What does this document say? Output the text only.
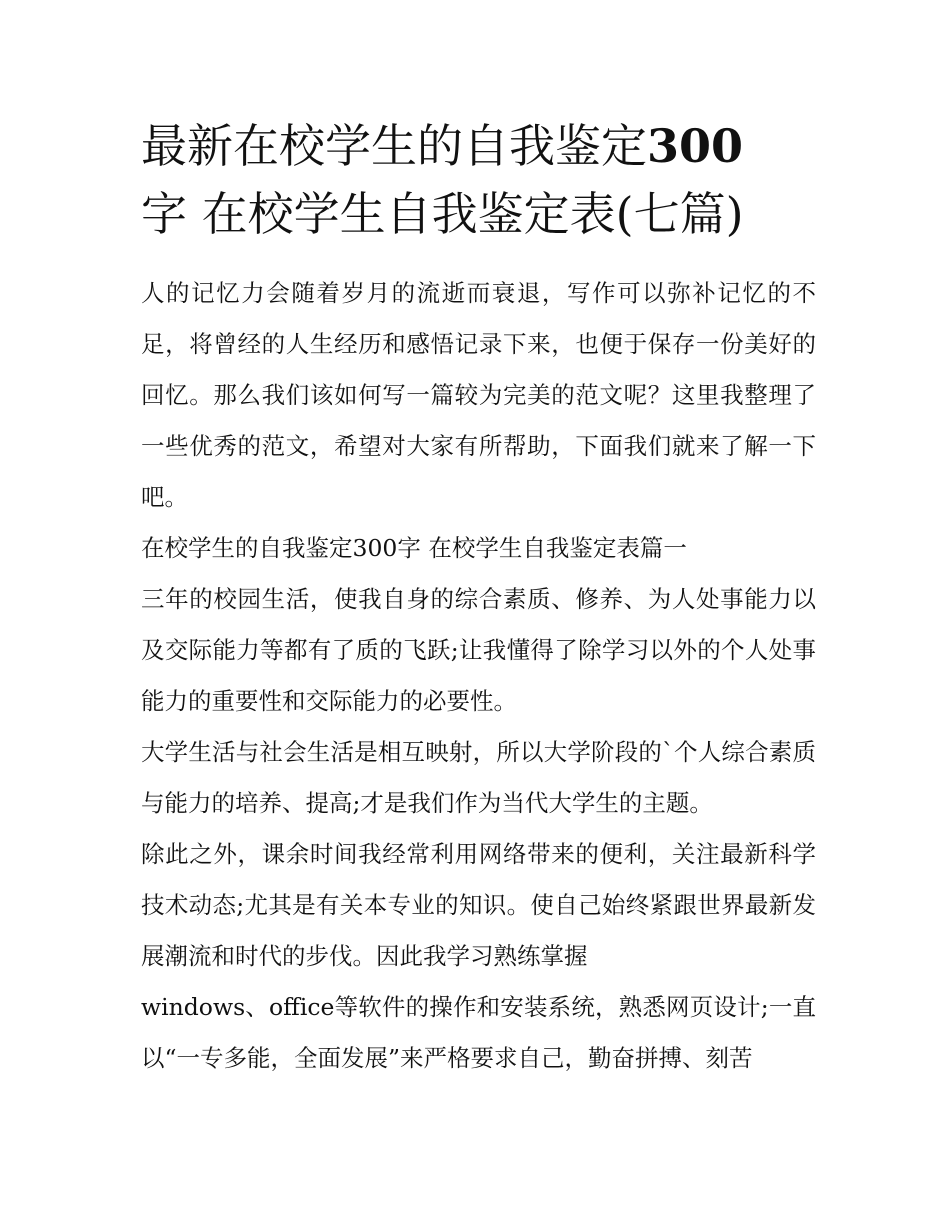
最新在校学生的自我鉴定300
字 在校学生自我鉴定表(七篇)

人的记忆力会随着岁月的流逝而衰退，写作可以弥补记忆的不足，将曾经的人生经历和感悟记录下来，也便于保存一份美好的回忆。那么我们该如何写一篇较为完美的范文呢？这里我整理了一些优秀的范文，希望对大家有所帮助，下面我们就来了解一下吧。

在校学生的自我鉴定300字 在校学生自我鉴定表篇一

三年的校园生活，使我自身的综合素质、修养、为人处事能力以及交际能力等都有了质的飞跃;让我懂得了除学习以外的个人处事能力的重要性和交际能力的必要性。

大学生活与社会生活是相互映射，所以大学阶段的`个人综合素质与能力的培养、提高;才是我们作为当代大学生的主题。

除此之外，课余时间我经常利用网络带来的便利，关注最新科学技术动态;尤其是有关本专业的知识。使自己始终紧跟世界最新发展潮流和时代的步伐。因此我学习熟练掌握

windows、office等软件的操作和安装系统，熟悉网页设计;一直以“一专多能，全面发展”来严格要求自己，勤奋拼搏、刻苦
